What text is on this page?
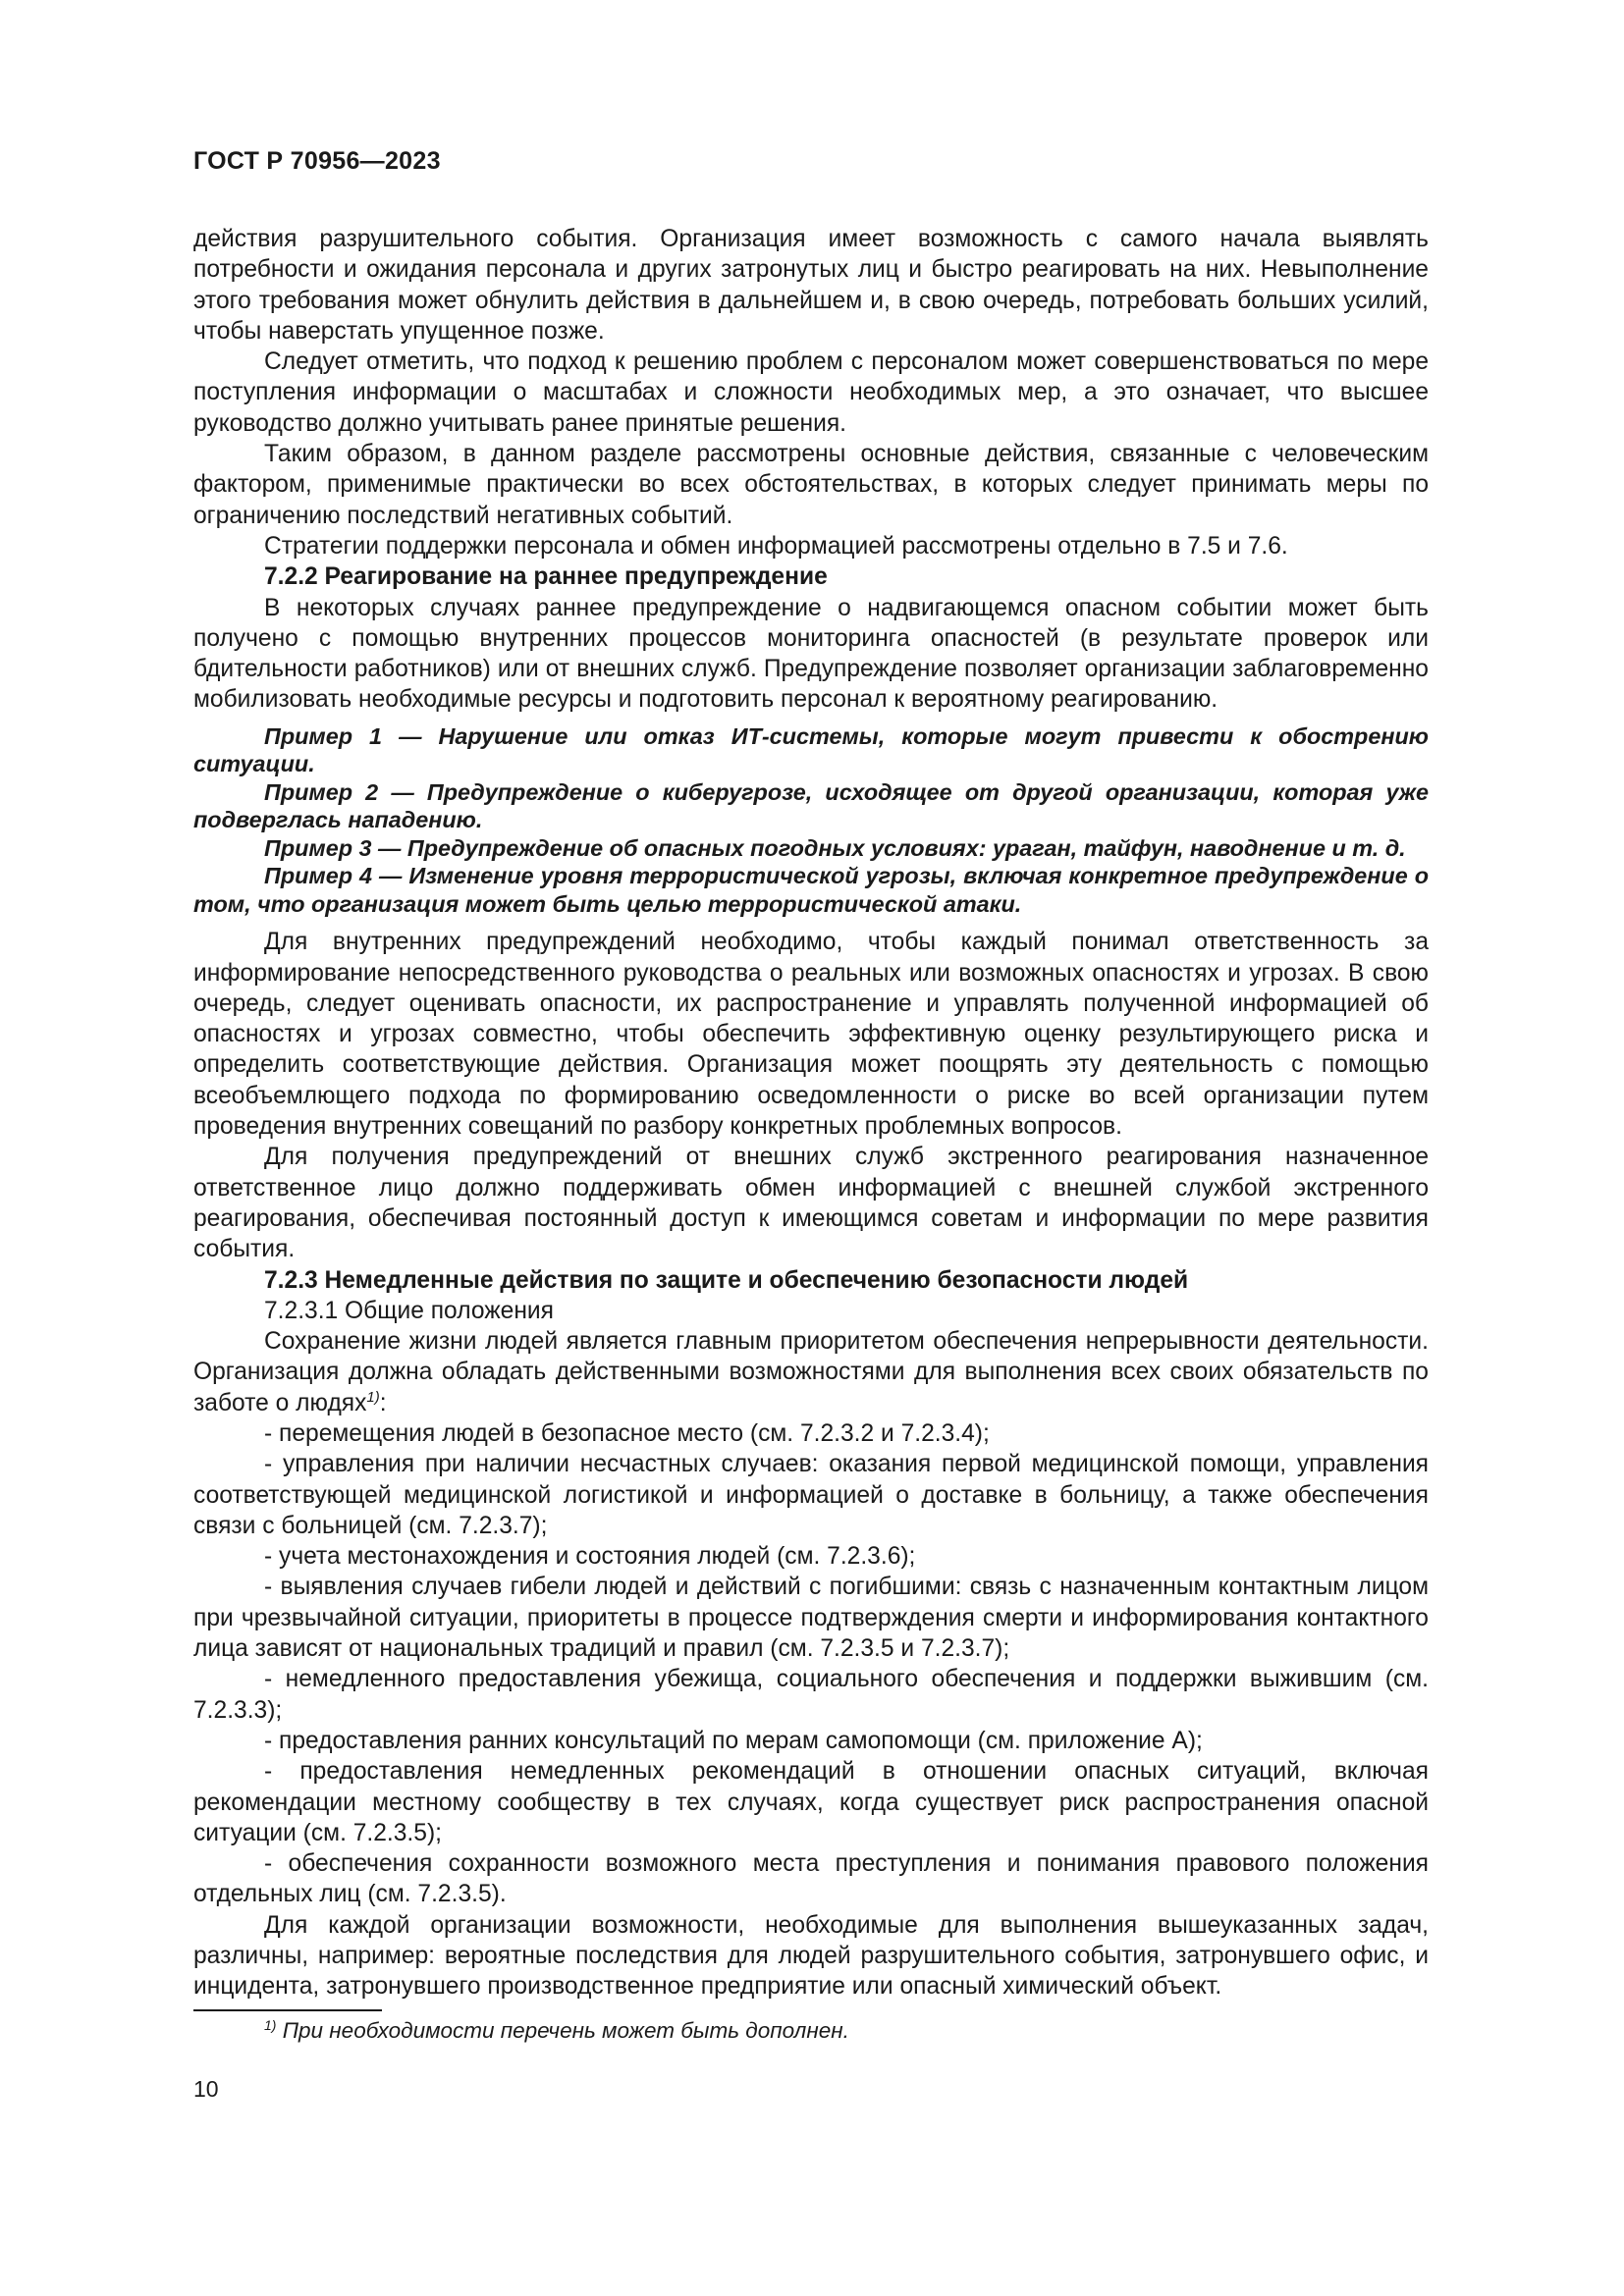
ГОСТ Р 70956—2023

действия разрушительного события. Организация имеет возможность с самого начала выявлять потребности и ожидания персонала и других затронутых лиц и быстро реагировать на них. Невыполнение этого требования может обнулить действия в дальнейшем и, в свою очередь, потребовать больших усилий, чтобы наверстать упущенное позже.

Следует отметить, что подход к решению проблем с персоналом может совершенствоваться по мере поступления информации о масштабах и сложности необходимых мер, а это означает, что высшее руководство должно учитывать ранее принятые решения.

Таким образом, в данном разделе рассмотрены основные действия, связанные с человеческим фактором, применимые практически во всех обстоятельствах, в которых следует принимать меры по ограничению последствий негативных событий.

Стратегии поддержки персонала и обмен информацией рассмотрены отдельно в 7.5 и 7.6.

7.2.2 Реагирование на раннее предупреждение

В некоторых случаях раннее предупреждение о надвигающемся опасном событии может быть получено с помощью внутренних процессов мониторинга опасностей (в результате проверок или бдительности работников) или от внешних служб. Предупреждение позволяет организации заблаговременно мобилизовать необходимые ресурсы и подготовить персонал к вероятному реагированию.

Пример 1 — Нарушение или отказ ИТ-системы, которые могут привести к обострению ситуации.

Пример 2 — Предупреждение о киберугрозе, исходящее от другой организации, которая уже подверглась нападению.

Пример 3 — Предупреждение об опасных погодных условиях: ураган, тайфун, наводнение и т. д.

Пример 4 — Изменение уровня террористической угрозы, включая конкретное предупреждение о том, что организация может быть целью террористической атаки.

Для внутренних предупреждений необходимо, чтобы каждый понимал ответственность за информирование непосредственного руководства о реальных или возможных опасностях и угрозах. В свою очередь, следует оценивать опасности, их распространение и управлять полученной информацией об опасностях и угрозах совместно, чтобы обеспечить эффективную оценку результирующего риска и определить соответствующие действия. Организация может поощрять эту деятельность с помощью всеобъемлющего подхода по формированию осведомленности о риске во всей организации путем проведения внутренних совещаний по разбору конкретных проблемных вопросов.

Для получения предупреждений от внешних служб экстренного реагирования назначенное ответственное лицо должно поддерживать обмен информацией с внешней службой экстренного реагирования, обеспечивая постоянный доступ к имеющимся советам и информации по мере развития события.

7.2.3 Немедленные действия по защите и обеспечению безопасности людей

7.2.3.1 Общие положения

Сохранение жизни людей является главным приоритетом обеспечения непрерывности деятельности. Организация должна обладать действенными возможностями для выполнения всех своих обязательств по заботе о людях$^{1)}$:

- перемещения людей в безопасное место (см. 7.2.3.2 и 7.2.3.4);

- управления при наличии несчастных случаев: оказания первой медицинской помощи, управления соответствующей медицинской логистикой и информацией о доставке в больницу, а также обеспечения связи с больницей (см. 7.2.3.7);

- учета местонахождения и состояния людей (см. 7.2.3.6);

- выявления случаев гибели людей и действий с погибшими: связь с назначенным контактным лицом при чрезвычайной ситуации, приоритеты в процессе подтверждения смерти и информирования контактного лица зависят от национальных традиций и правил (см. 7.2.3.5 и 7.2.3.7);

- немедленного предоставления убежища, социального обеспечения и поддержки выжившим (см. 7.2.3.3);

- предоставления ранних консультаций по мерам самопомощи (см. приложение А);

- предоставления немедленных рекомендаций в отношении опасных ситуаций, включая рекомендации местному сообществу в тех случаях, когда существует риск распространения опасной ситуации (см. 7.2.3.5);

- обеспечения сохранности возможного места преступления и понимания правового положения отдельных лиц (см. 7.2.3.5).

Для каждой организации возможности, необходимые для выполнения вышеуказанных задач, различны, например: вероятные последствия для людей разрушительного события, затронувшего офис, и инцидента, затронувшего производственное предприятие или опасный химический объект.

$^{1)}$ При необходимости перечень может быть дополнен.
10
